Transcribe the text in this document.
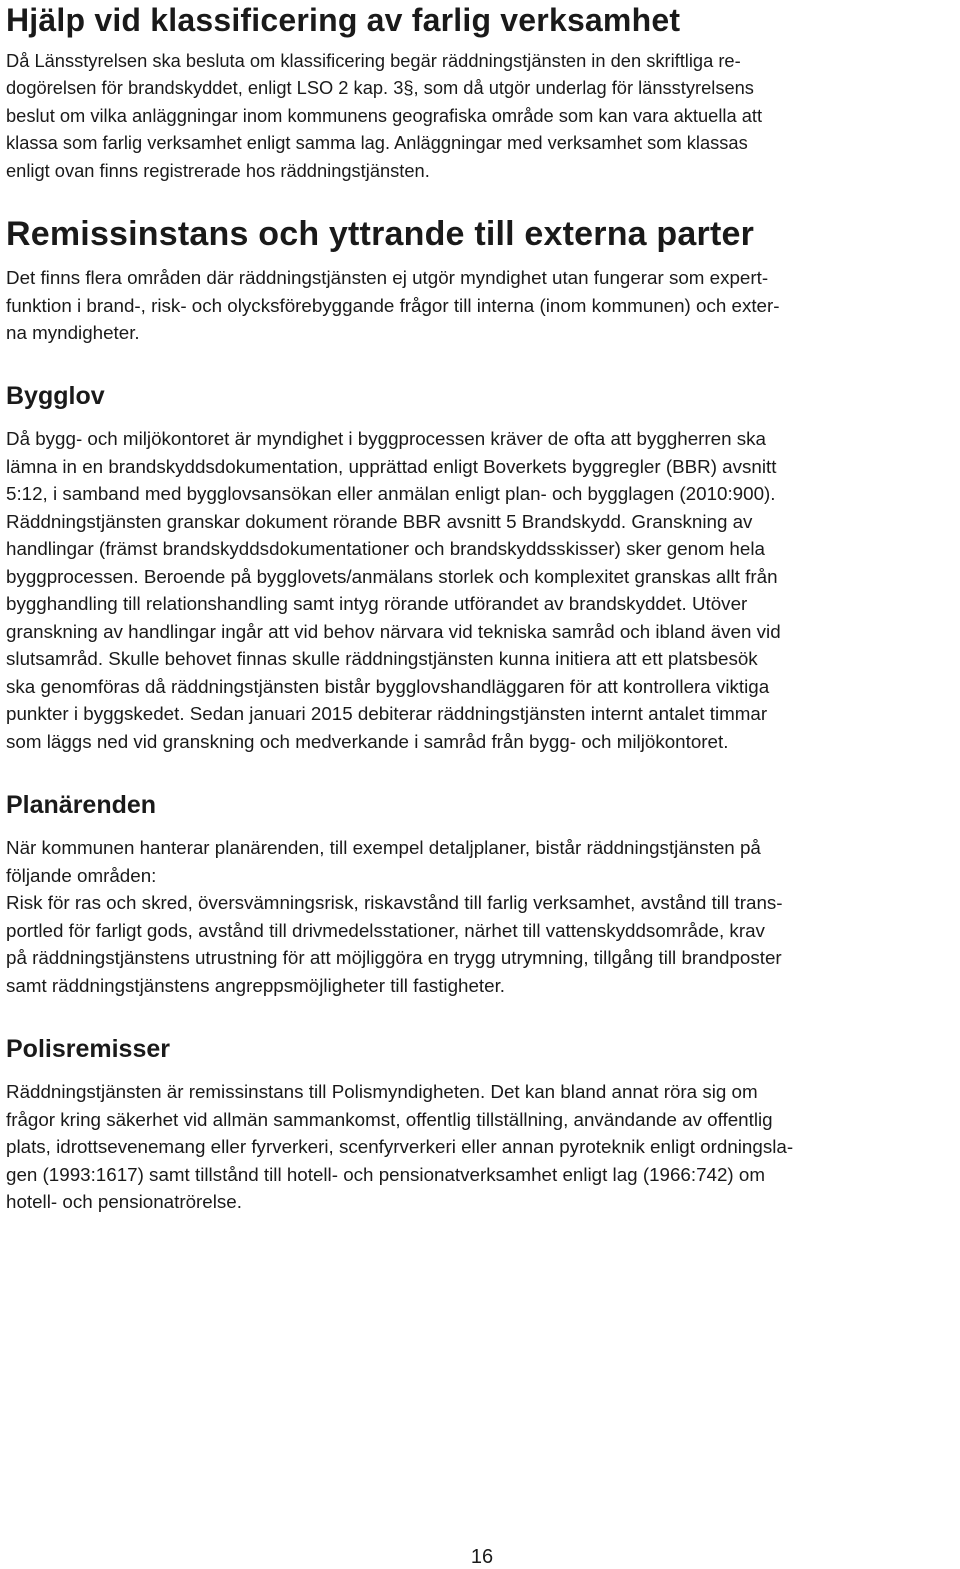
Hjälp vid klassificering av farlig verksamhet

Då Länsstyrelsen ska besluta om klassificering begär räddningstjänsten in den skriftliga re-
dogörelsen för brandskyddet, enligt LSO 2 kap. 3§, som då utgör underlag för länsstyrelsens
beslut om vilka anläggningar inom kommunens geografiska område som kan vara aktuella att
klassa som farlig verksamhet enligt samma lag. Anläggningar med verksamhet som klassas
enligt ovan finns registrerade hos räddningstjänsten.

Remissinstans och yttrande till externa parter

Det finns flera områden där räddningstjänsten ej utgör myndighet utan fungerar som expert-
funktion i brand-, risk- och olycksförebyggande frågor till interna (inom kommunen) och exter-
na myndigheter.

Bygglov

Då bygg- och miljökontoret är myndighet i byggprocessen kräver de ofta att byggherren ska
lämna in en brandskyddsdokumentation, upprättad enligt Boverkets byggregler (BBR) avsnitt
5:12, i samband med bygglovsansökan eller anmälan enligt plan- och bygglagen (2010:900).
Räddningstjänsten granskar dokument rörande BBR avsnitt 5 Brandskydd. Granskning av
handlingar (främst brandskyddsdokumentationer och brandskyddsskisser) sker genom hela
byggprocessen. Beroende på bygglovets/anmälans storlek och komplexitet granskas allt från
bygghandling till relationshandling samt intyg rörande utförandet av brandskyddet. Utöver
granskning av handlingar ingår att vid behov närvara vid tekniska samråd och ibland även vid
slutsamråd. Skulle behovet finnas skulle räddningstjänsten kunna initiera att ett platsbesök
ska genomföras då räddningstjänsten bistår bygglovshandläggaren för att kontrollera viktiga
punkter i byggskedet. Sedan januari 2015 debiterar räddningstjänsten internt antalet timmar
som läggs ned vid granskning och medverkande i samråd från bygg- och miljökontoret.

Planärenden

När kommunen hanterar planärenden, till exempel detaljplaner, bistår räddningstjänsten på
följande områden:
Risk för ras och skred, översvämningsrisk, riskavstånd till farlig verksamhet, avstånd till trans-
portled för farligt gods, avstånd till drivmedelsstationer, närhet till vattenskyddsområde, krav
på räddningstjänstens utrustning för att möjliggöra en trygg utrymning, tillgång till brandposter
samt räddningstjänstens angreppsmöjligheter till fastigheter.

Polisremisser

Räddningstjänsten är remissinstans till Polismyndigheten. Det kan bland annat röra sig om
frågor kring säkerhet vid allmän sammankomst, offentlig tillställning, användande av offentlig
plats, idrottsevenemang eller fyrverkeri, scenfyrverkeri eller annan pyroteknik enligt ordningsla-
gen (1993:1617) samt tillstånd till hotell- och pensionatverksamhet enligt lag (1966:742) om
hotell- och pensionatrörelse.

16
